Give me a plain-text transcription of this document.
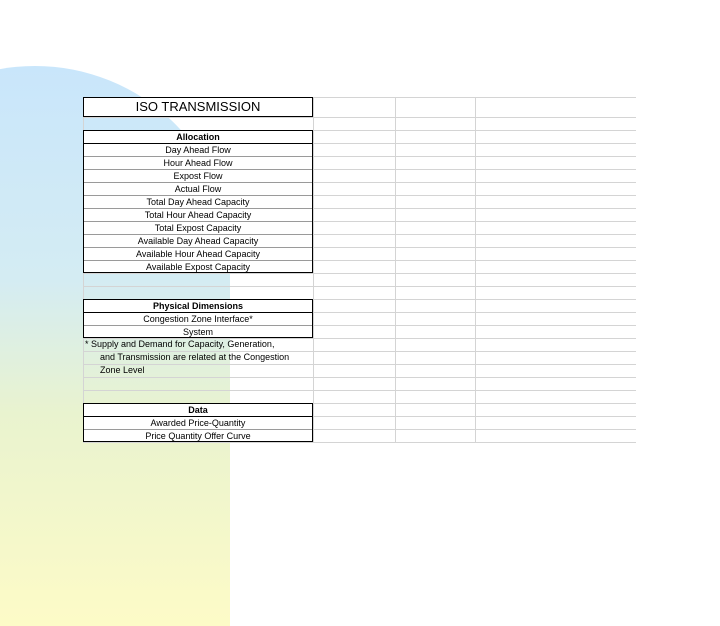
ISO TRANSMISSION
Allocation
Day Ahead Flow
Hour Ahead Flow
Expost Flow
Actual Flow
Total Day Ahead Capacity
Total Hour Ahead Capacity
Total Expost Capacity
Available Day Ahead Capacity
Available Hour Ahead Capacity
Available Expost Capacity
Physical Dimensions
Congestion Zone Interface*
System
* Supply and Demand for Capacity, Generation,
and Transmission are related at the Congestion
Zone Level
Data
Awarded Price-Quantity
Price Quantity Offer Curve
